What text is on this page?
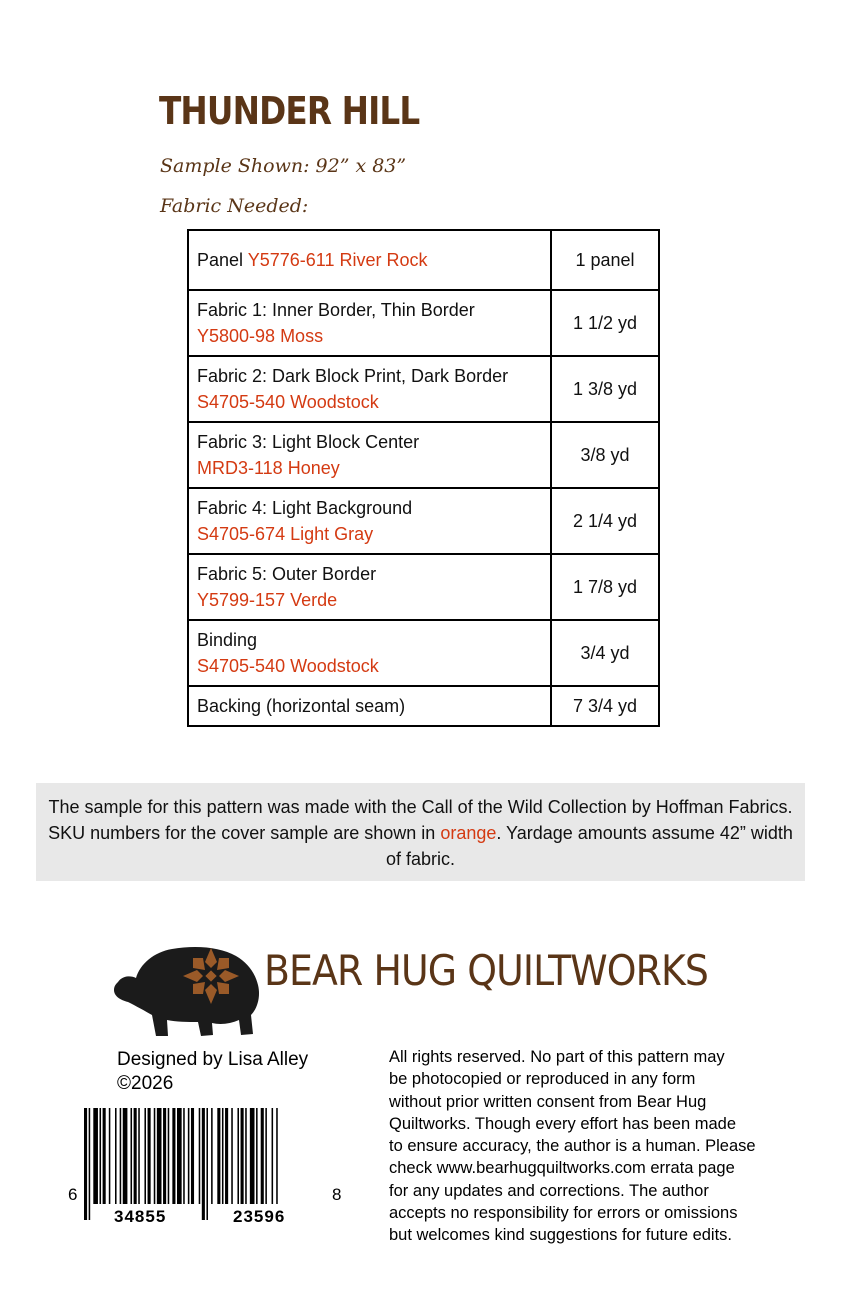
THUNDER HILL
Sample Shown: 92” x 83”
Fabric Needed:
Panel Y5776-611 River Rock	1 panel
Fabric 1: Inner Border, Thin Border
Y5800-98 Moss	1 1/2 yd
Fabric 2: Dark Block Print, Dark Border
S4705-540 Woodstock	1 3/8 yd
Fabric 3: Light Block Center
MRD3-118 Honey	3/8 yd
Fabric 4: Light Background
S4705-674 Light Gray	2 1/4 yd
Fabric 5: Outer Border
Y5799-157 Verde	1 7/8 yd
Binding
S4705-540 Woodstock	3/4 yd
Backing (horizontal seam)	7 3/4 yd
The sample for this pattern was made with the Call of the Wild Collection by Hoffman Fabrics. SKU numbers for the cover sample are shown in orange. Yardage amounts assume 42” width of fabric.
BEAR HUG QUILTWORKS
Designed by Lisa Alley
©2026
6
34855	23596
8
All rights reserved. No part of this pattern may
be photocopied or reproduced in any form
without prior written consent from Bear Hug
Quiltworks. Though every effort has been made
to ensure accuracy, the author is a human. Please
check www.bearhugquiltworks.com errata page
for any updates and corrections. The author
accepts no responsibility for errors or omissions
but welcomes kind suggestions for future edits.
